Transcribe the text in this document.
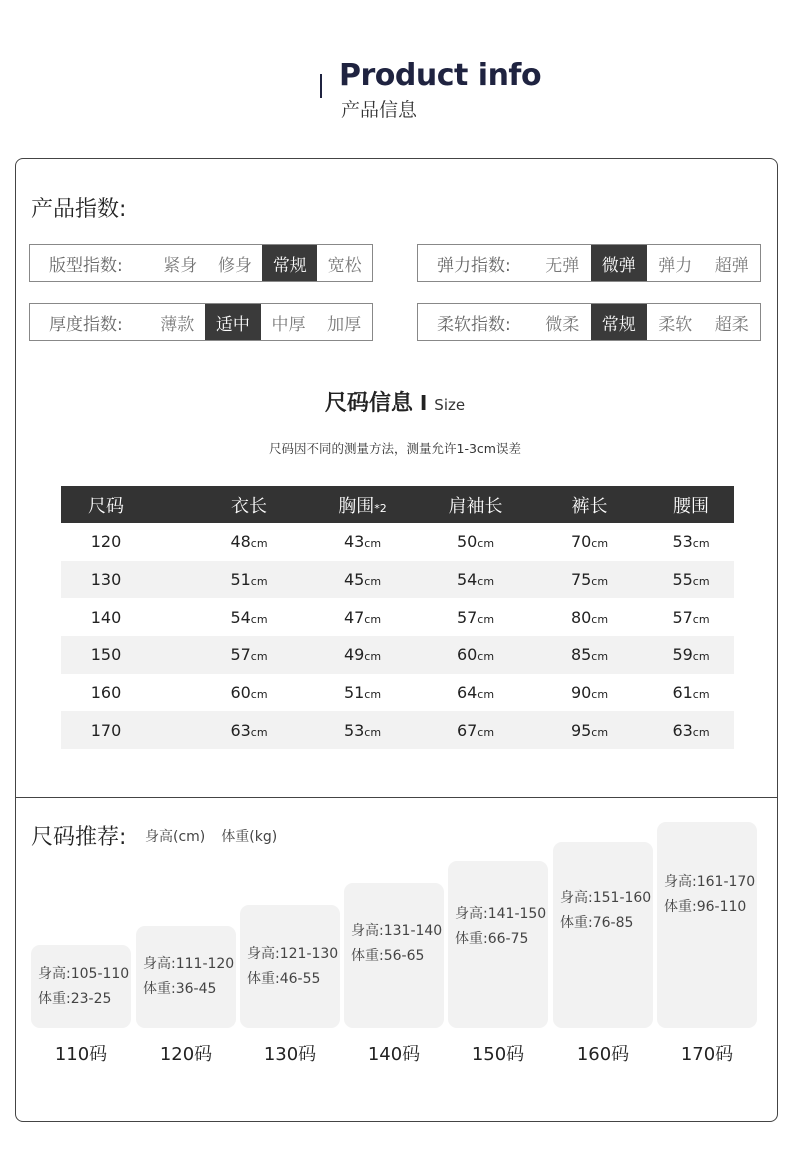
Product info
产品信息
产品指数:
版型指数:	紧身	修身	常规	宽松	弹力指数:	无弹	微弹	弹力	超弹
厚度指数:	薄款	适中	中厚	加厚	柔软指数:	微柔	常规	柔软	超柔
尺码信息 I Size
尺码因不同的测量方法，测量允许1-3cm误差
尺码	衣长	胸围*2	肩袖长	裤长	腰围
120	48cm	43cm	50cm	70cm	53cm
130	51cm	45cm	54cm	75cm	55cm
140	54cm	47cm	57cm	80cm	57cm
150	57cm	49cm	60cm	85cm	59cm
160	60cm	51cm	64cm	90cm	61cm
170	63cm	53cm	67cm	95cm	63cm
尺码推荐: 身高(cm) 体重(kg)
身高:105-110
体重:23-25
110码
身高:111-120
体重:36-45
120码
身高:121-130
体重:46-55
130码
身高:131-140
体重:56-65
140码
身高:141-150
体重:66-75
150码
身高:151-160
体重:76-85
160码
身高:161-170
体重:96-110
170码
